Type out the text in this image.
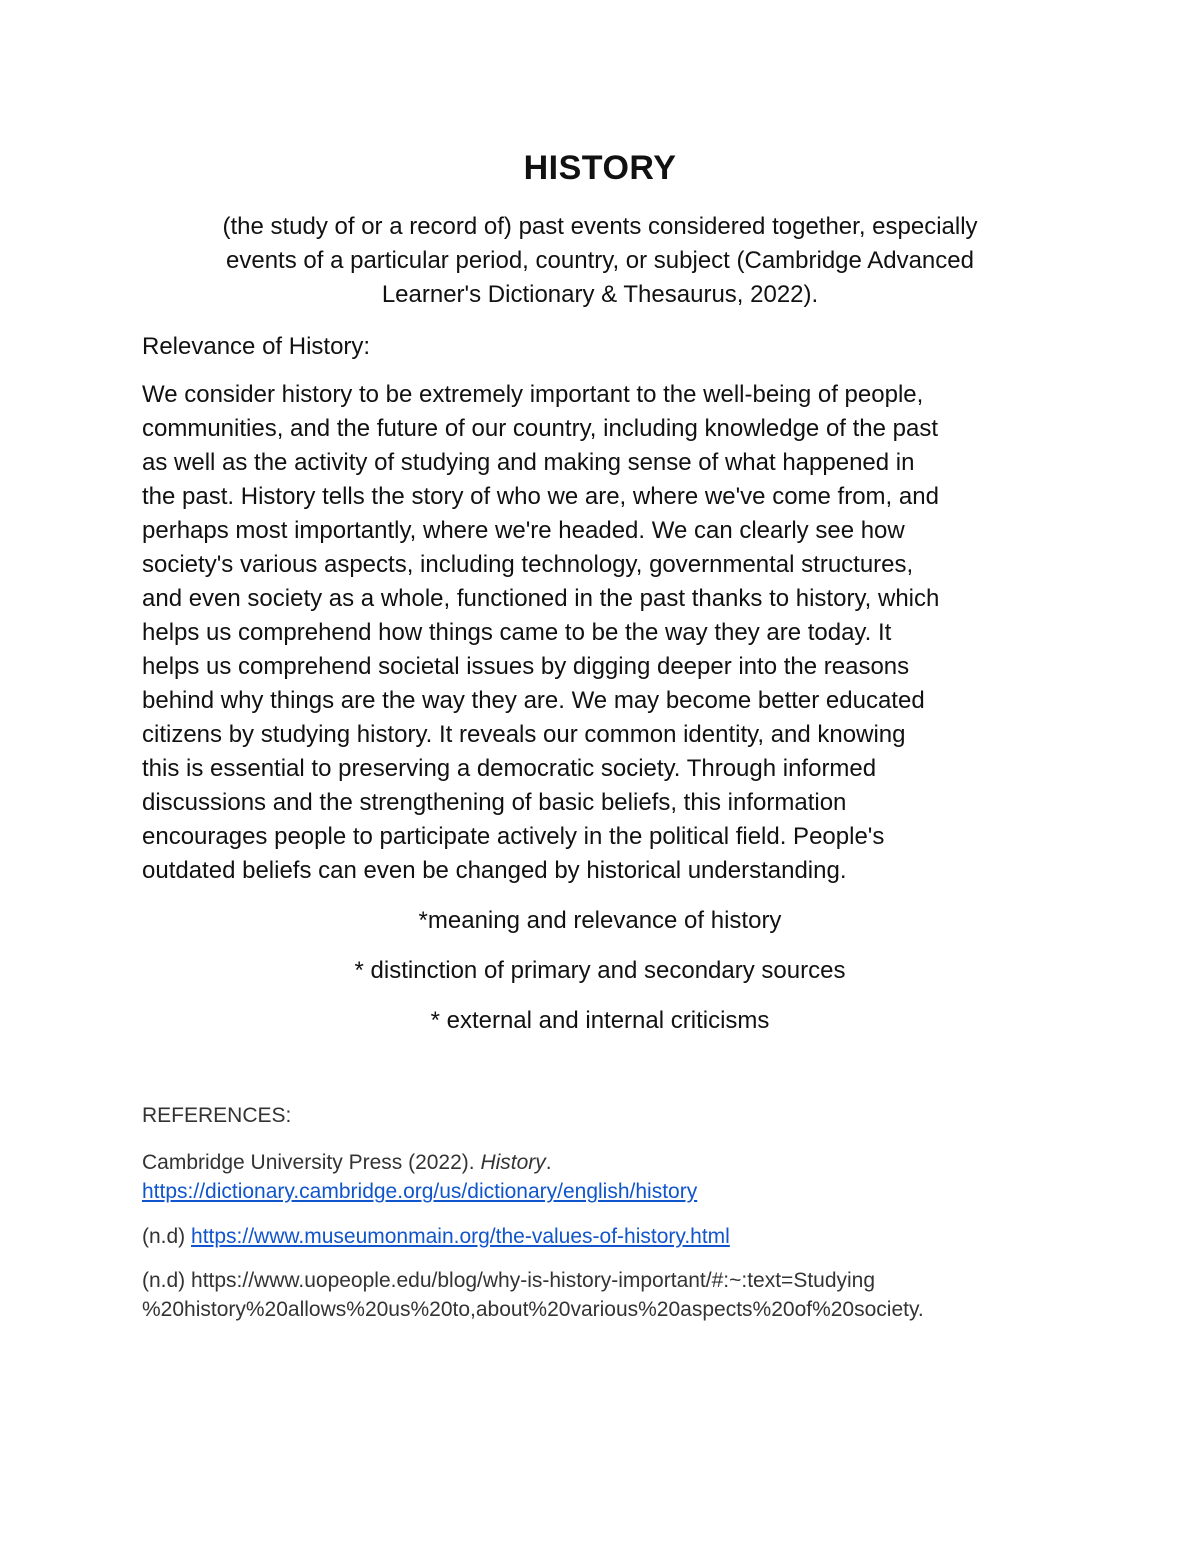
HISTORY
(the study of or a record of) past events considered together, especially
events of a particular period, country, or subject (Cambridge Advanced
Learner's Dictionary & Thesaurus, 2022).
Relevance of History:
We consider history to be extremely important to the well-being of people,
communities, and the future of our country, including knowledge of the past
as well as the activity of studying and making sense of what happened in
the past. History tells the story of who we are, where we've come from, and
perhaps most importantly, where we're headed. We can clearly see how
society's various aspects, including technology, governmental structures,
and even society as a whole, functioned in the past thanks to history, which
helps us comprehend how things came to be the way they are today. It
helps us comprehend societal issues by digging deeper into the reasons
behind why things are the way they are. We may become better educated
citizens by studying history. It reveals our common identity, and knowing
this is essential to preserving a democratic society. Through informed
discussions and the strengthening of basic beliefs, this information
encourages people to participate actively in the political field. People's
outdated beliefs can even be changed by historical understanding.
*meaning and relevance of history
* distinction of primary and secondary sources
* external and internal criticisms
REFERENCES:
Cambridge University Press (2022). History.
https://dictionary.cambridge.org/us/dictionary/english/history
(n.d) https://www.museumonmain.org/the-values-of-history.html
(n.d) https://www.uopeople.edu/blog/why-is-history-important/#:~:text=Studying
%20history%20allows%20us%20to,about%20various%20aspects%20of%20society.
